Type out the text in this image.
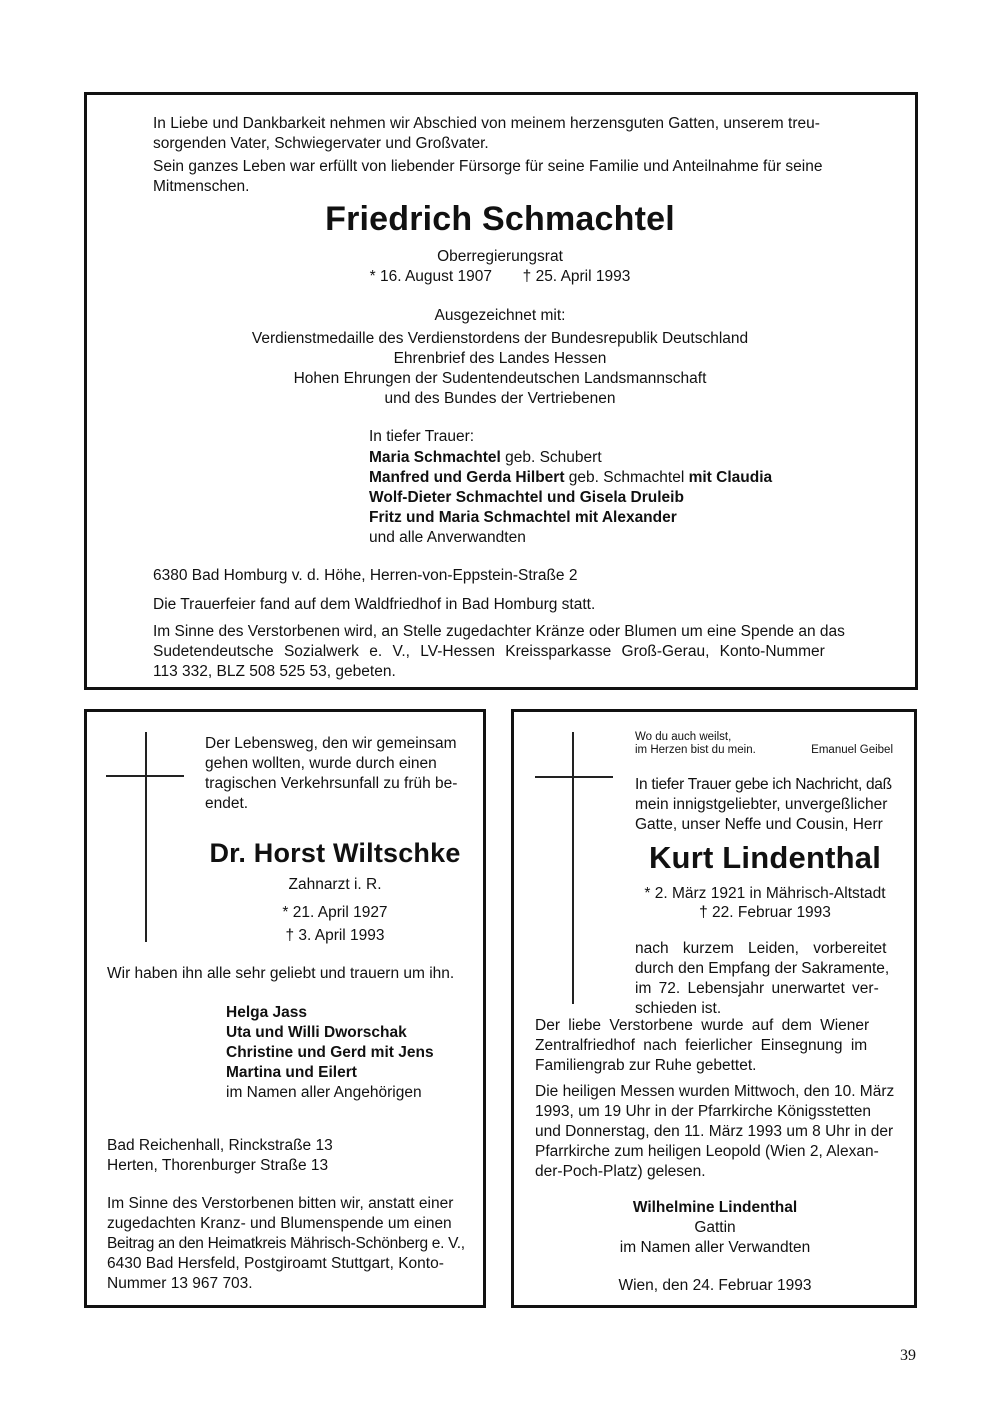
In Liebe und Dankbarkeit nehmen wir Abschied von meinem herzensguten Gatten, unserem treu-
sorgenden Vater, Schwiegervater und Großvater.
Sein ganzes Leben war erfüllt von liebender Fürsorge für seine Familie und Anteilnahme für seine
Mitmenschen.
Friedrich Schmachtel
Oberregierungsrat
* 16. August 1907 † 25. April 1993
Ausgezeichnet mit:
Verdienstmedaille des Verdienstordens der Bundesrepublik Deutschland
Ehrenbrief des Landes Hessen
Hohen Ehrungen der Sudentendeutschen Landsmannschaft
und des Bundes der Vertriebenen
In tiefer Trauer:
Maria Schmachtel geb. Schubert
Manfred und Gerda Hilbert geb. Schmachtel mit Claudia
Wolf-Dieter Schmachtel und Gisela Druleib
Fritz und Maria Schmachtel mit Alexander
und alle Anverwandten
6380 Bad Homburg v. d. Höhe, Herren-von-Eppstein-Straße 2
Die Trauerfeier fand auf dem Waldfriedhof in Bad Homburg statt.
Im Sinne des Verstorbenen wird, an Stelle zugedachter Kränze oder Blumen um eine Spende an das
Sudetendeutsche Sozialwerk e. V., LV-Hessen Kreissparkasse Groß-Gerau, Konto-Nummer
113 332, BLZ 508 525 53, gebeten.
Der Lebensweg, den wir gemeinsam
gehen wollten, wurde durch einen
tragischen Verkehrsunfall zu früh be-
endet.
Dr. Horst Wiltschke
Zahnarzt i. R.
* 21. April 1927
† 3. April 1993
Wir haben ihn alle sehr geliebt und trauern um ihn.
Helga Jass
Uta und Willi Dworschak
Christine und Gerd mit Jens
Martina und Eilert
im Namen aller Angehörigen
Bad Reichenhall, Rinckstraße 13
Herten, Thorenburger Straße 13
Im Sinne des Verstorbenen bitten wir, anstatt einer
zugedachten Kranz- und Blumenspende um einen
Beitrag an den Heimatkreis Mährisch-Schönberg e. V.,
6430 Bad Hersfeld, Postgiroamt Stuttgart, Konto-
Nummer 13 967 703.
Wo du auch weilst,
im Herzen bist du mein.	Emanuel Geibel
In tiefer Trauer gebe ich Nachricht, daß
mein innigstgeliebter, unvergeßlicher
Gatte, unser Neffe und Cousin, Herr
Kurt Lindenthal
* 2. März 1921 in Mährisch-Altstadt
† 22. Februar 1993
nach kurzem Leiden, vorbereitet
durch den Empfang der Sakramente,
im 72. Lebensjahr unerwartet ver-
schieden ist.
Der liebe Verstorbene wurde auf dem Wiener
Zentralfriedhof nach feierlicher Einsegnung im
Familiengrab zur Ruhe gebettet.
Die heiligen Messen wurden Mittwoch, den 10. März
1993, um 19 Uhr in der Pfarrkirche Königsstetten
und Donnerstag, den 11. März 1993 um 8 Uhr in der
Pfarrkirche zum heiligen Leopold (Wien 2, Alexan-
der-Poch-Platz) gelesen.
Wilhelmine Lindenthal
Gattin
im Namen aller Verwandten
Wien, den 24. Februar 1993
39
